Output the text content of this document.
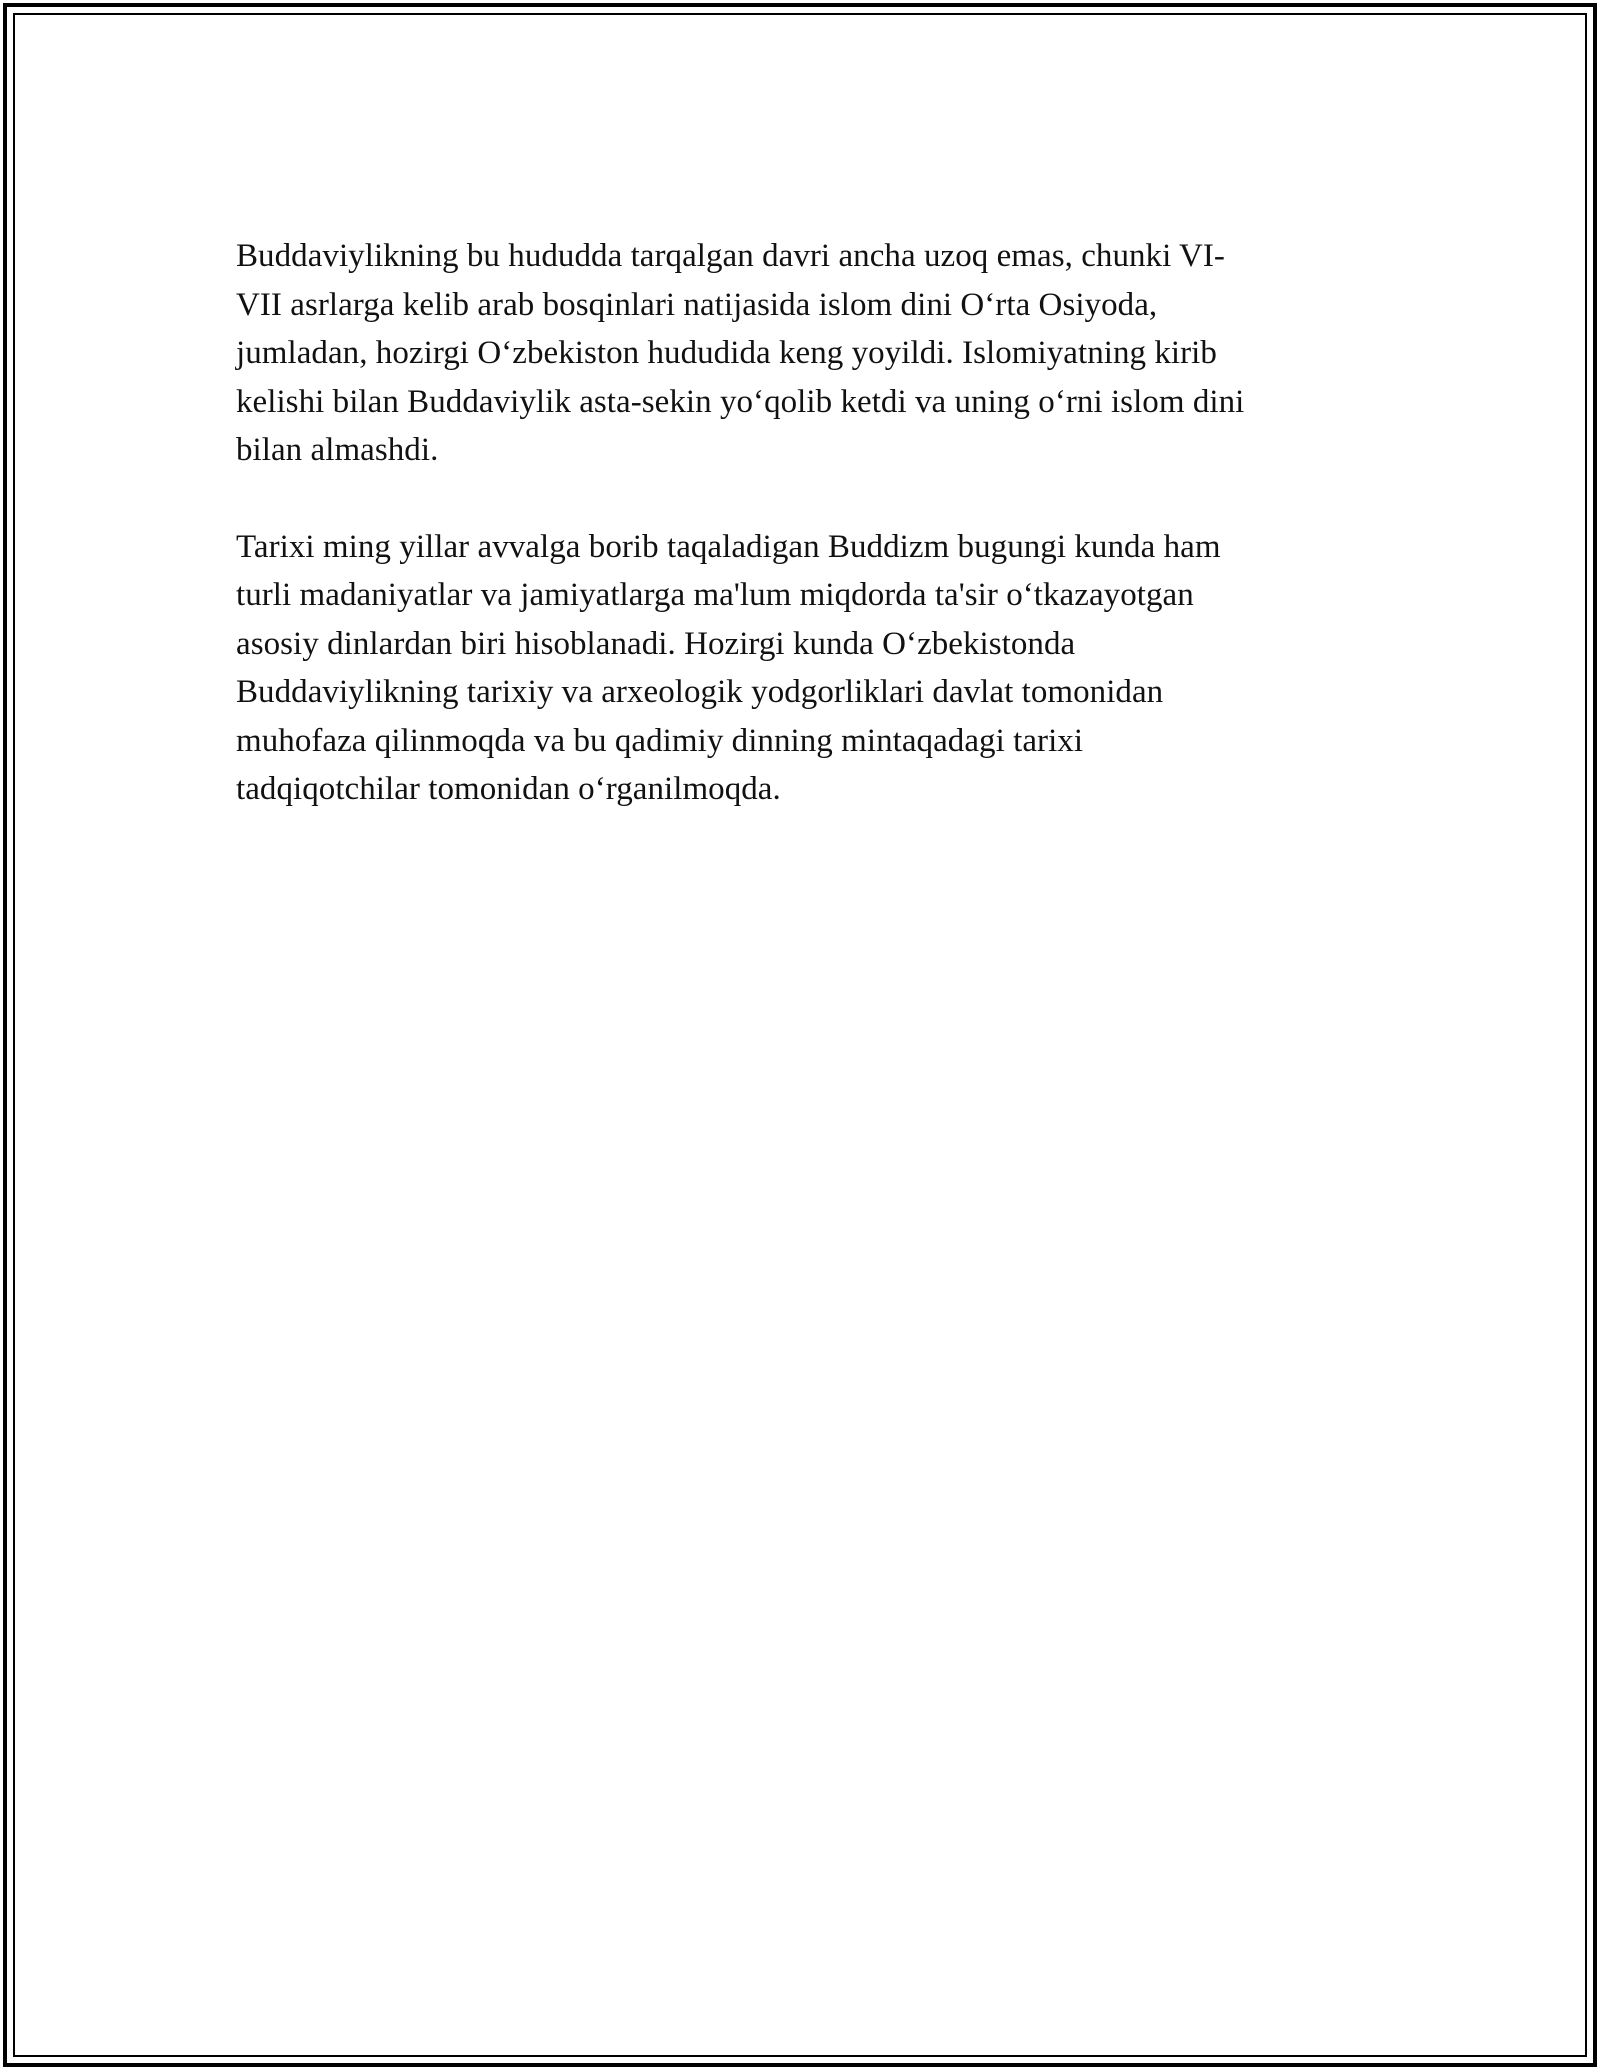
Buddaviylikning bu hududda tarqalgan davri ancha uzoq emas, chunki VI-
VII asrlarga kelib arab bosqinlari natijasida islom dini O‘rta Osiyoda,
jumladan, hozirgi O‘zbekiston hududida keng yoyildi. Islomiyatning kirib
kelishi bilan Buddaviylik asta-sekin yo‘qolib ketdi va uning o‘rni islom dini
bilan almashdi.

Tarixi ming yillar avvalga borib taqaladigan Buddizm bugungi kunda ham
turli madaniyatlar va jamiyatlarga ma'lum miqdorda ta'sir o‘tkazayotgan
asosiy dinlardan biri hisoblanadi. Hozirgi kunda O‘zbekistonda
Buddaviylikning tarixiy va arxeologik yodgorliklari davlat tomonidan
muhofaza qilinmoqda va bu qadimiy dinning mintaqadagi tarixi
tadqiqotchilar tomonidan o‘rganilmoqda.
